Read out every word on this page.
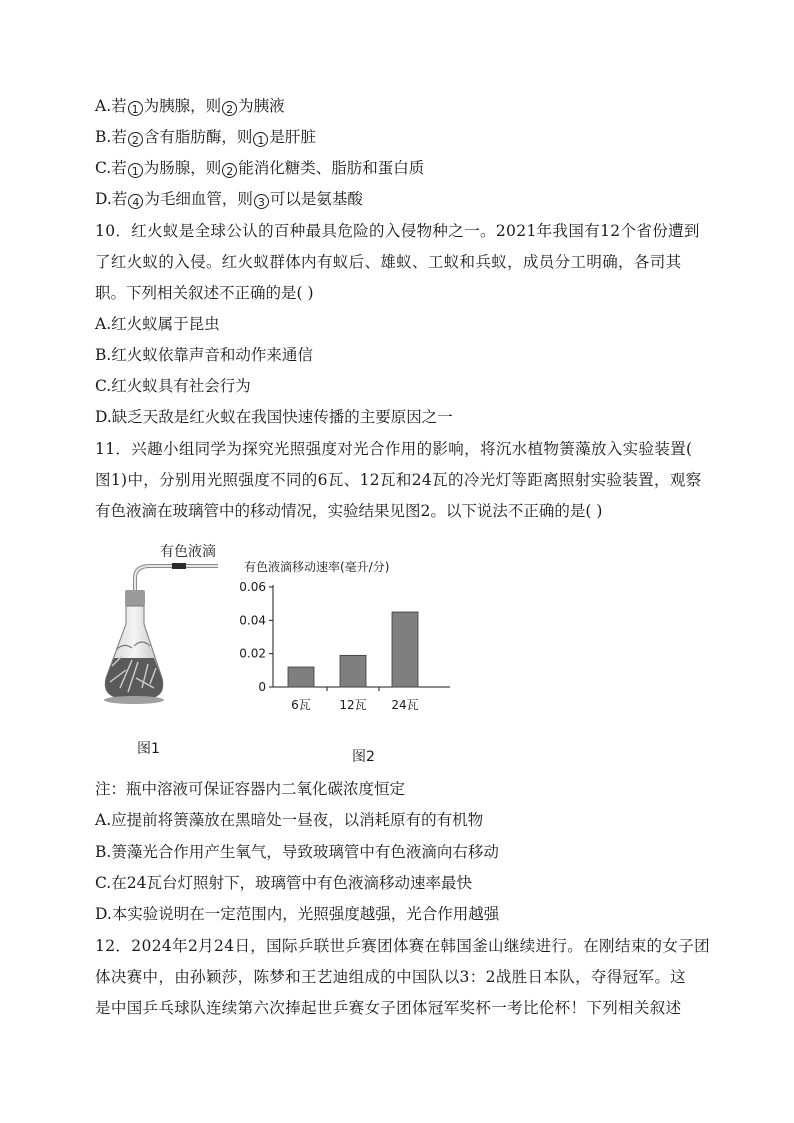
A.若 1 为胰腺，则 2 为胰液
B.若 2 含有脂肪酶，则 1 是肝脏
C.若 1 为肠腺，则 2 能消化糖类、脂肪和蛋白质
D.若 4 为毛细血管，则 3 可以是氨基酸
10．红火蚁是全球公认的百种最具危险的入侵物种之一。2021年我国有12个省份遭到
了红火蚁的入侵。红火蚁群体内有蚁后、雄蚁、工蚁和兵蚁，成员分工明确，各司其
职。下列相关叙述不正确的是( )
A.红火蚁属于昆虫
B.红火蚁依靠声音和动作来通信
C.红火蚁具有社会行为
D.缺乏天敌是红火蚁在我国快速传播的主要原因之一
11．兴趣小组同学为探究光照强度对光合作用的影响，将沉水植物箦藻放入实验装置(
图1)中，分别用光照强度不同的6瓦、12瓦和24瓦的冷光灯等距离照射实验装置，观察
有色液滴在玻璃管中的移动情况，实验结果见图2。以下说法不正确的是( )
有色液滴
图1
有色液滴移动速率(毫升/分)
0
0.02
0.04
0.06
6瓦 12瓦 24瓦
图2
注：瓶中溶液可保证容器内二氧化碳浓度恒定
A.应提前将箦藻放在黑暗处一昼夜，以消耗原有的有机物
B.箦藻光合作用产生氧气，导致玻璃管中有色液滴向右移动
C.在24瓦台灯照射下，玻璃管中有色液滴移动速率最快
D.本实验说明在一定范围内，光照强度越强，光合作用越强
12．2024年2月24日，国际乒联世乒赛团体赛在韩国釜山继续进行。在刚结束的女子团
体决赛中，由孙颖莎，陈梦和王艺迪组成的中国队以3：2战胜日本队，夺得冠军。这
是中国乒乓球队连续第六次捧起世乒赛女子团体冠军奖杯一考比伦杯！下列相关叙述
